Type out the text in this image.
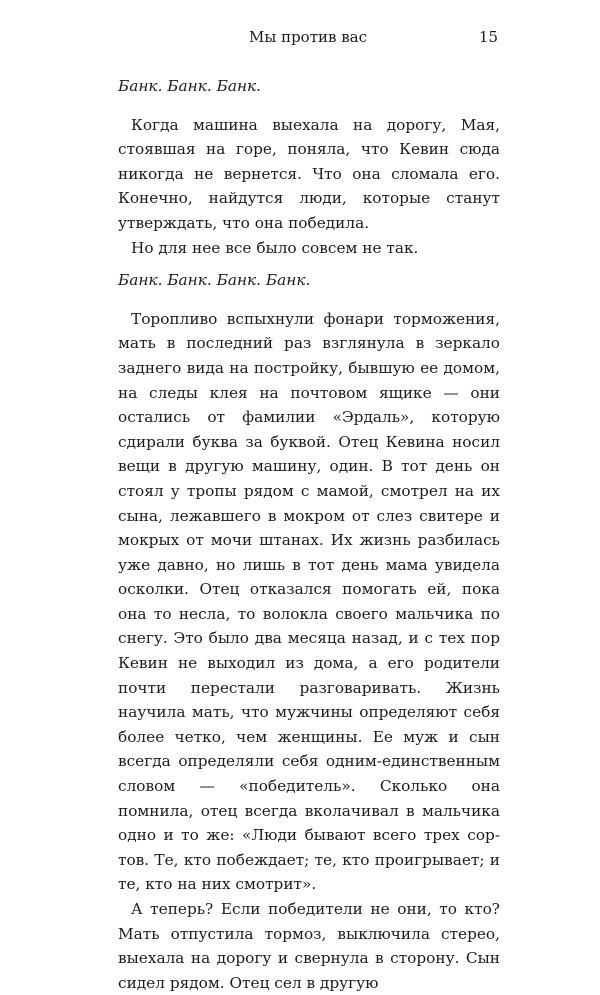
Мы против вас	15

Банк. Банк. Банк.

Когда машина выехала на дорогу, Мая, стоявшая на горе, поняла, что Кевин сюда никогда не вернется. Что она сломала его. Конечно, найдутся люди, которые станут утверждать, что она победила.

Но для нее все было совсем не так.

Банк. Банк. Банк. Банк.

Торопливо вспыхнули фонари торможения, мать в последний раз взглянула в зеркало заднего вида на постройку, бывшую ее домом, на следы клея на почтовом ящике — они остались от фамилии «Эрдаль», которую сдирали буква за буквой. Отец Кевина носил вещи в другую машину, один. В тот день он стоял у тропы рядом с мамой, смотрел на их сына, лежавшего в мокром от слез свитере и мокрых от мочи штанах. Их жизнь разбилась уже давно, но лишь в тот день мама увидела осколки. Отец отказался помогать ей, пока она то несла, то волокла своего мальчика по снегу. Это было два месяца назад, и с тех пор Кевин не выходил из дома, а его родители почти перестали разговаривать. Жизнь научила мать, что мужчины определяют себя более четко, чем женщины. Ее муж и сын всегда определяли себя одним-единственным словом — «победитель». Сколько она помнила, отец всегда вколачивал в мальчика одно и то же: «Люди бывают всего трех сортов. Те, кто побеждает; те, кто проигрывает; и те, кто на них смотрит».

А теперь? Если победители не они, то кто? Мать отпустила тормоз, выключила стерео, выехала на дорогу и свернула в сторону. Сын сидел рядом. Отец сел в другую
